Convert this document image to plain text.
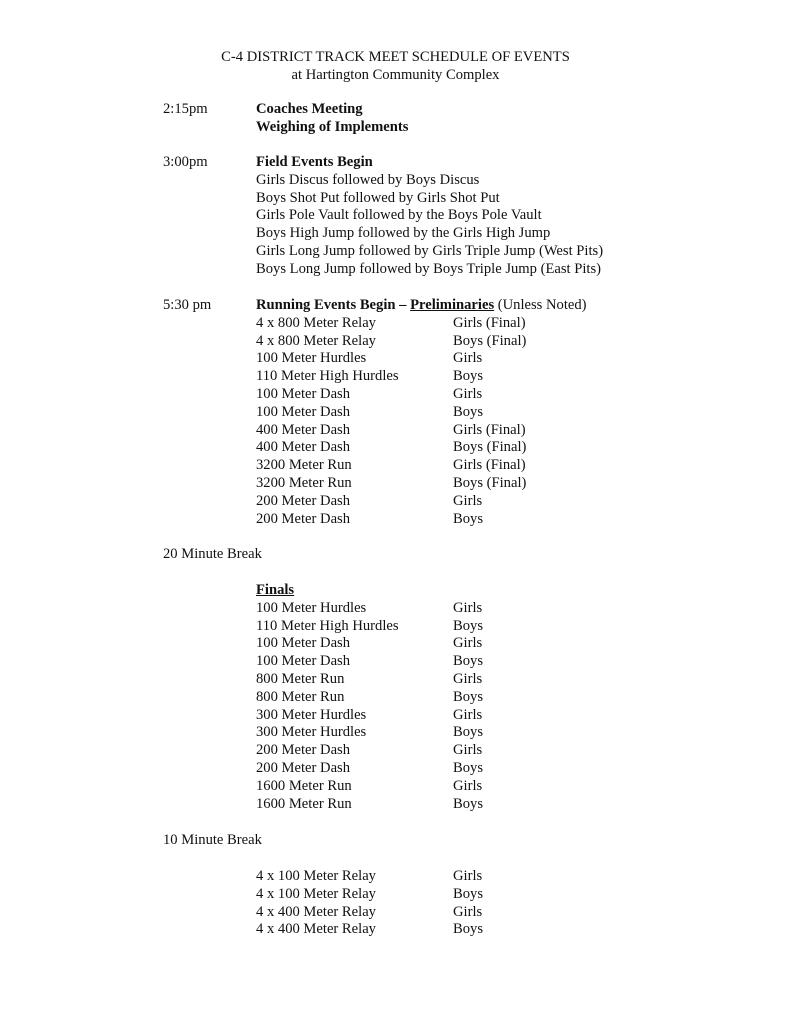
C-4 DISTRICT TRACK MEET SCHEDULE OF EVENTS
at Hartington Community Complex
2:15pm	Coaches Meeting
Weighing of Implements
3:00pm	Field Events Begin
Girls Discus followed by Boys Discus
Boys Shot Put followed by Girls Shot Put
Girls Pole Vault followed by the Boys Pole Vault
Boys High Jump followed by the Girls High Jump
Girls Long Jump followed by Girls Triple Jump (West Pits)
Boys Long Jump followed by Boys Triple Jump (East Pits)
5:30 pm	Running Events Begin – Preliminaries (Unless Noted)
4 x 800 Meter Relay	Girls (Final)
4 x 800 Meter Relay	Boys (Final)
100 Meter Hurdles	Girls
110 Meter High Hurdles	Boys
100 Meter Dash	Girls
100 Meter Dash	Boys
400 Meter Dash	Girls (Final)
400 Meter Dash	Boys (Final)
3200 Meter Run	Girls (Final)
3200 Meter Run	Boys (Final)
200 Meter Dash	Girls
200 Meter Dash	Boys
20 Minute Break
Finals
100 Meter Hurdles	Girls
110 Meter High Hurdles	Boys
100 Meter Dash	Girls
100 Meter Dash	Boys
800 Meter Run	Girls
800 Meter Run	Boys
300 Meter Hurdles	Girls
300 Meter Hurdles	Boys
200 Meter Dash	Girls
200 Meter Dash	Boys
1600 Meter Run	Girls
1600 Meter Run	Boys
10 Minute Break
4 x 100 Meter Relay	Girls
4 x 100 Meter Relay	Boys
4 x 400 Meter Relay	Girls
4 x 400 Meter Relay	Boys
